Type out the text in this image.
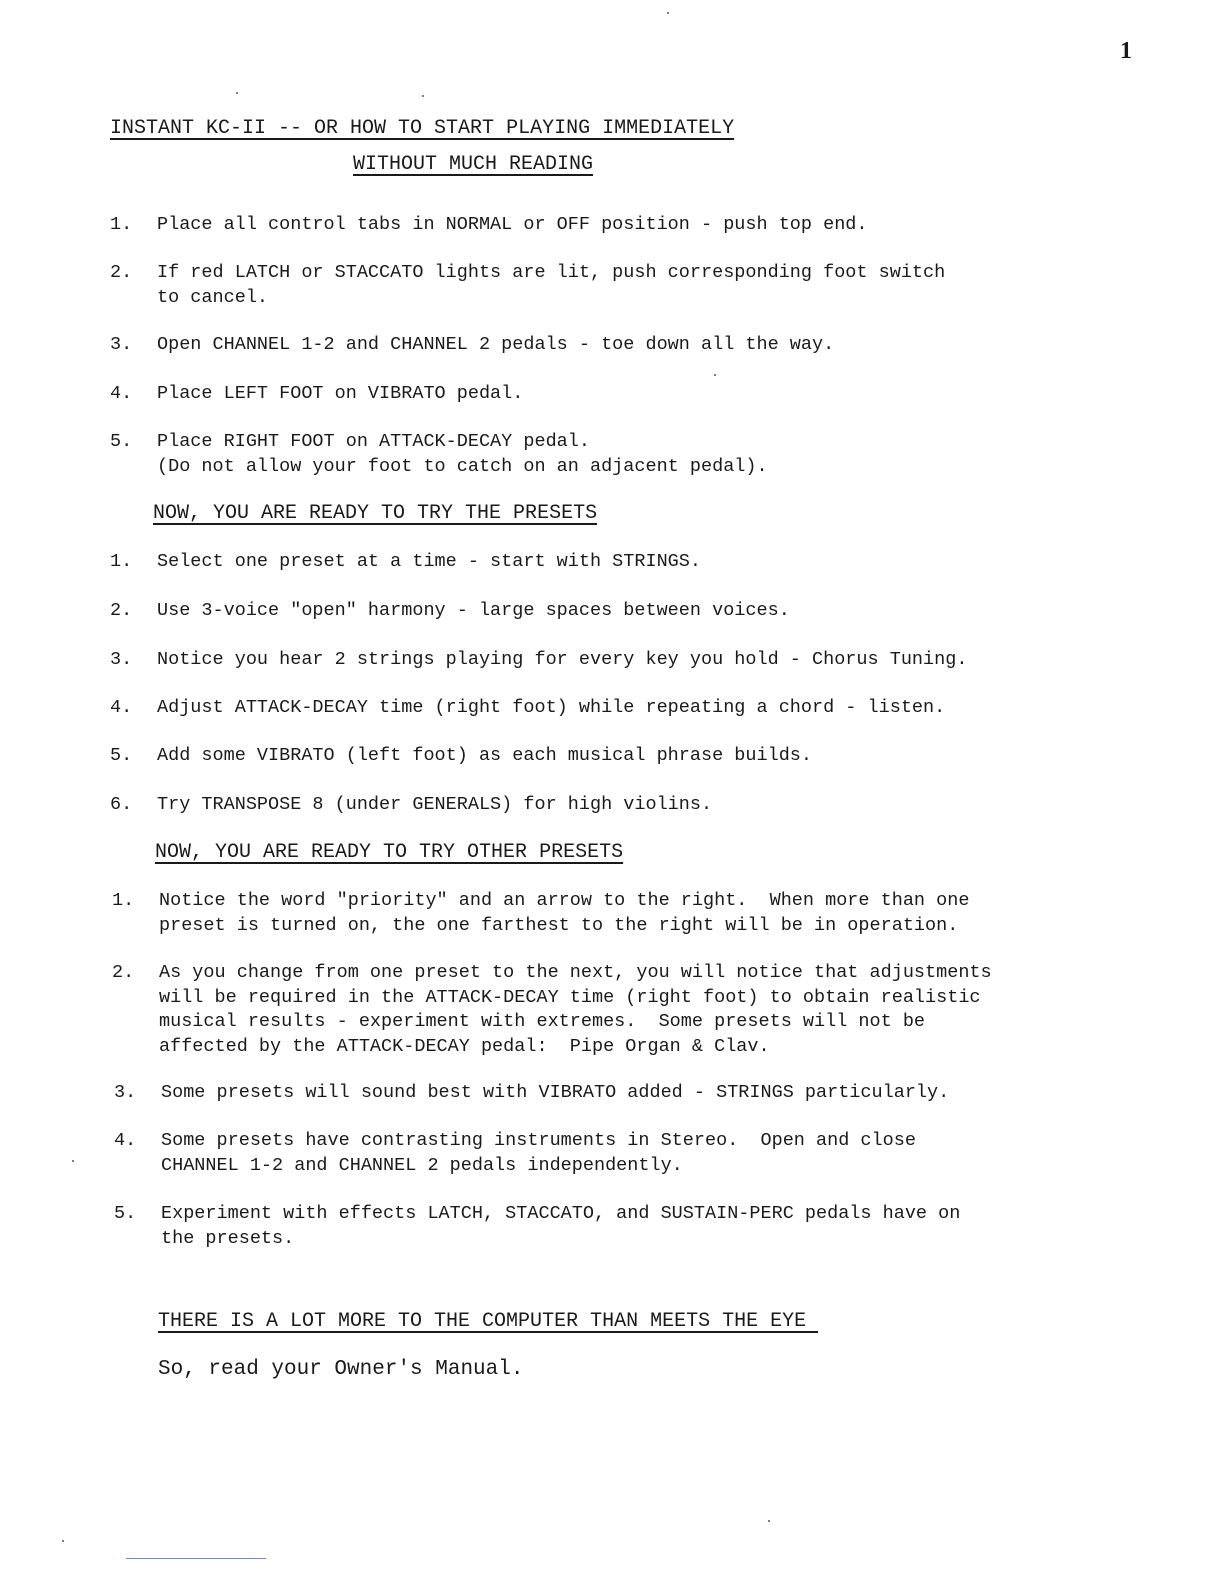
1
INSTANT KC-II -- OR HOW TO START PLAYING IMMEDIATELY
WITHOUT MUCH READING

1.

	Place all control tabs in NORMAL or OFF position - push top end.

2.

	If red LATCH or STACCATO lights are lit, push corresponding foot switch

to cancel.

3.

	Open CHANNEL 1-2 and CHANNEL 2 pedals - toe down all the way.

4.

	Place LEFT FOOT on VIBRATO pedal.

5.

	Place RIGHT FOOT on ATTACK-DECAY pedal.

(Do not allow your foot to catch on an adjacent pedal).

NOW, YOU ARE READY TO TRY THE PRESETS

1.

	Select one preset at a time - start with STRINGS.

2.

	Use 3-voice "open" harmony - large spaces between voices.

3.

	Notice you hear 2 strings playing for every key you hold - Chorus Tuning.

4.

	Adjust ATTACK-DECAY time (right foot) while repeating a chord - listen.

5.

	Add some VIBRATO (left foot) as each musical phrase builds.

6.

	Try TRANSPOSE 8 (under GENERALS) for high violins.

NOW, YOU ARE READY TO TRY OTHER PRESETS

1.

	Notice the word "priority" and an arrow to the right.  When more than one

preset is turned on, the one farthest to the right will be in operation.

2.

	As you change from one preset to the next, you will notice that adjustments

will be required in the ATTACK-DECAY time (right foot) to obtain realistic

musical results - experiment with extremes.  Some presets will not be

affected by the ATTACK-DECAY pedal:  Pipe Organ & Clav.

3.

	Some presets will sound best with VIBRATO added - STRINGS particularly.

4.

	Some presets have contrasting instruments in Stereo.  Open and close

CHANNEL 1-2 and CHANNEL 2 pedals independently.

5.

	Experiment with effects LATCH, STACCATO, and SUSTAIN-PERC pedals have on

the presets.

THERE IS A LOT MORE TO THE COMPUTER THAN MEETS THE EYE
So, read your Owner's Manual.
